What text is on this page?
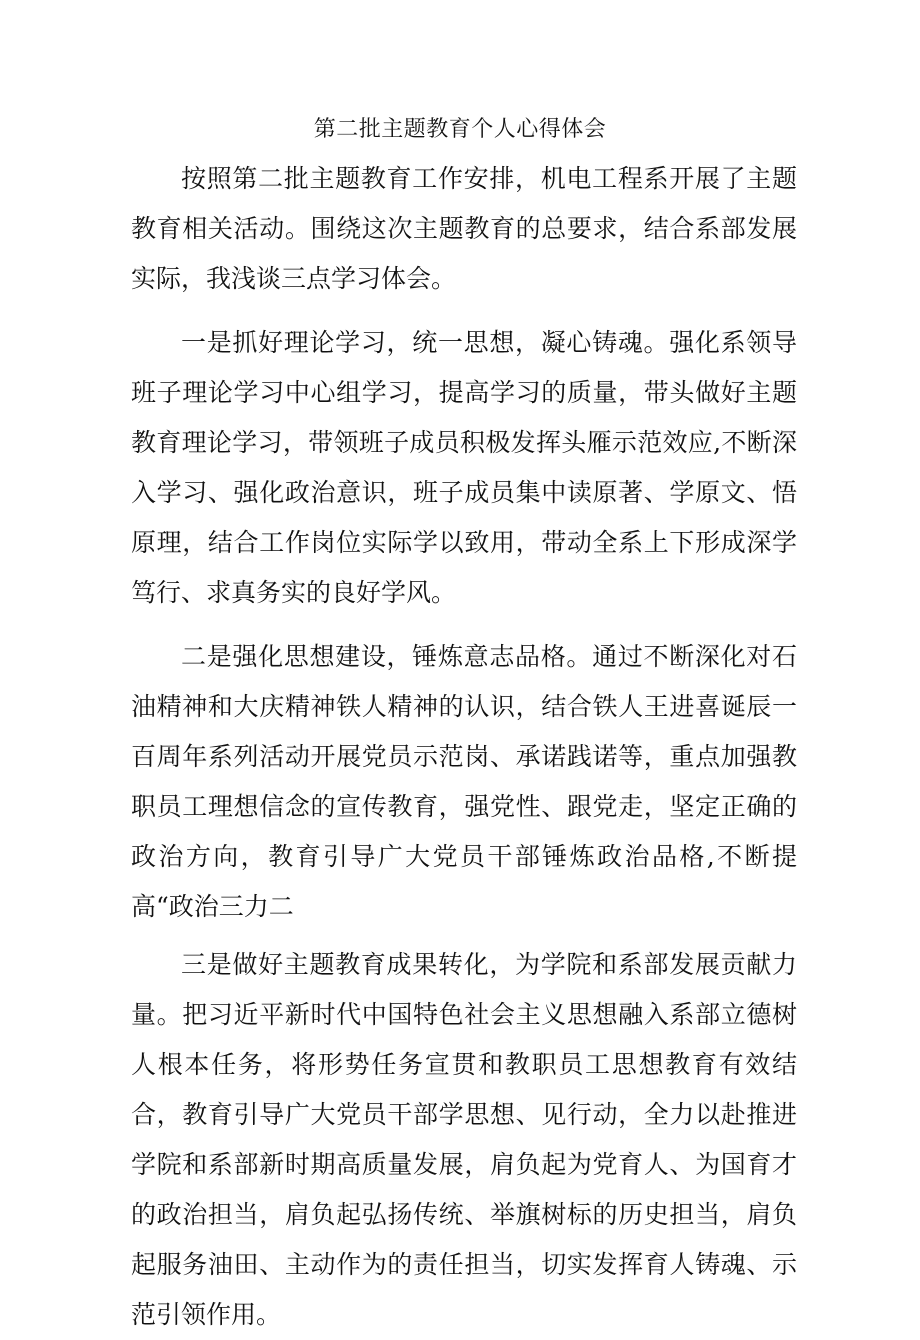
第二批主题教育个人心得体会

按照第二批主题教育工作安排，机电工程系开展了主题教育相关活动。围绕这次主题教育的总要求，结合系部发展实际，我浅谈三点学习体会。

一是抓好理论学习，统一思想，凝心铸魂。强化系领导班子理论学习中心组学习，提高学习的质量，带头做好主题教育理论学习，带领班子成员积极发挥头雁示范效应,不断深入学习、强化政治意识，班子成员集中读原著、学原文、悟原理，结合工作岗位实际学以致用，带动全系上下形成深学笃行、求真务实的良好学风。

二是强化思想建设，锤炼意志品格。通过不断深化对石油精神和大庆精神铁人精神的认识，结合铁人王进喜诞辰一百周年系列活动开展党员示范岗、承诺践诺等，重点加强教职员工理想信念的宣传教育，强党性、跟党走，坚定正确的政治方向，教育引导广大党员干部锤炼政治品格,不断提高“政治三力二

三是做好主题教育成果转化，为学院和系部发展贡献力量。把习近平新时代中国特色社会主义思想融入系部立德树人根本任务，将形势任务宣贯和教职员工思想教育有效结合，教育引导广大党员干部学思想、见行动，全力以赴推进学院和系部新时期高质量发展，肩负起为党育人、为国育才的政治担当，肩负起弘扬传统、举旗树标的历史担当，肩负起服务油田、主动作为的责任担当，切实发挥育人铸魂、示范引领作用。
